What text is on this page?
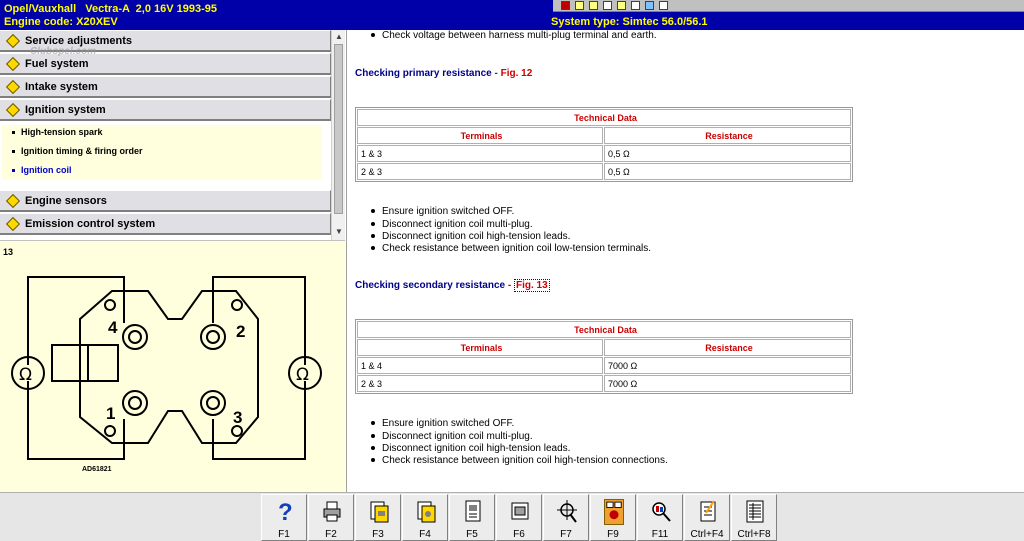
Opel/Vauxhall   Vectra-A  2,0 16V 1993-95
Engine code: X20XEV	System type: Simtec 56.0/56.1
Service adjustments
Fuel system
Intake system
Ignition system
High-tension spark
Ignition timing & firing order
Ignition coil
Engine sensors
Emission control system
Clubopel.com
▲
▼
13
4	2
1	3
Ω	Ω
AD61821
Check voltage between harness multi-plug terminal and earth.
Checking primary resistance - Fig. 12
Technical Data	
Terminals	Resistance
1 & 3	0,5 Ω
2 & 3	0,5 Ω
Ensure ignition switched OFF.
Disconnect ignition coil multi-plug.
Disconnect ignition coil high-tension leads.
Check resistance between ignition coil low-tension terminals.
Checking secondary resistance - Fig. 13
Technical Data	
Terminals	Resistance
1 & 4	7000 Ω
2 & 3	7000 Ω
Ensure ignition switched OFF.
Disconnect ignition coil multi-plug.
Disconnect ignition coil high-tension leads.
Check resistance between ignition coil high-tension connections.
?
F1	F2	F3	F4	F5	F6	F7	F9	F11	Ctrl+F4	Ctrl+F8
